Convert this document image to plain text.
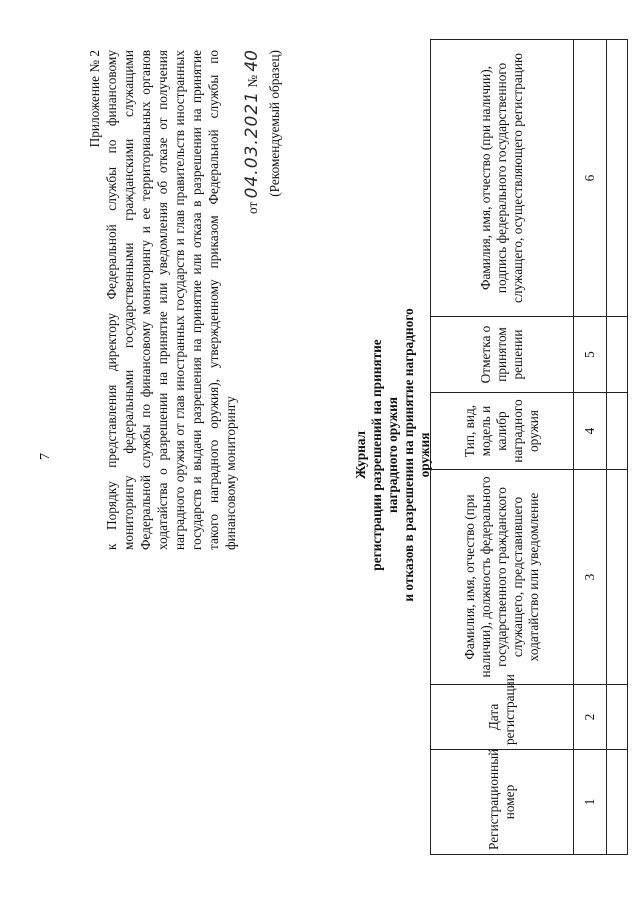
7
Приложение № 2 к Порядку представления директору Федеральной службы по финансовому мониторингу федеральными государственными гражданскими служащими Федеральной службы по финансовому мониторингу и ее территориальных органов ходатайства о разрешении на принятие или уведомления об отказе от получения наградного оружия от глав иностранных государств и глав правительств иностранных государств и выдачи разрешения на принятие или отказа в разрешении на принятие такого наградного оружия), утвержденному приказом Федеральной службы по финансовому мониторингу
от 04.03.2021 № 40 (Рекомендуемый образец)
Журнал регистрации разрешений на принятие наградного оружия и отказов в разрешении на принятие наградного оружия
Регистрационный номер	Дата регистрации	Фамилия, имя, отчество (при наличии), должность федерального государственного гражданского служащего, представившего ходатайство или уведомление	Тип, вид, модель и калибр наградного оружия	Отметка о принятом решении	Фамилия, имя, отчество (при наличии), подпись федерального государственного служащего, осуществляющего регистрацию
1	2	3	4	5	6
